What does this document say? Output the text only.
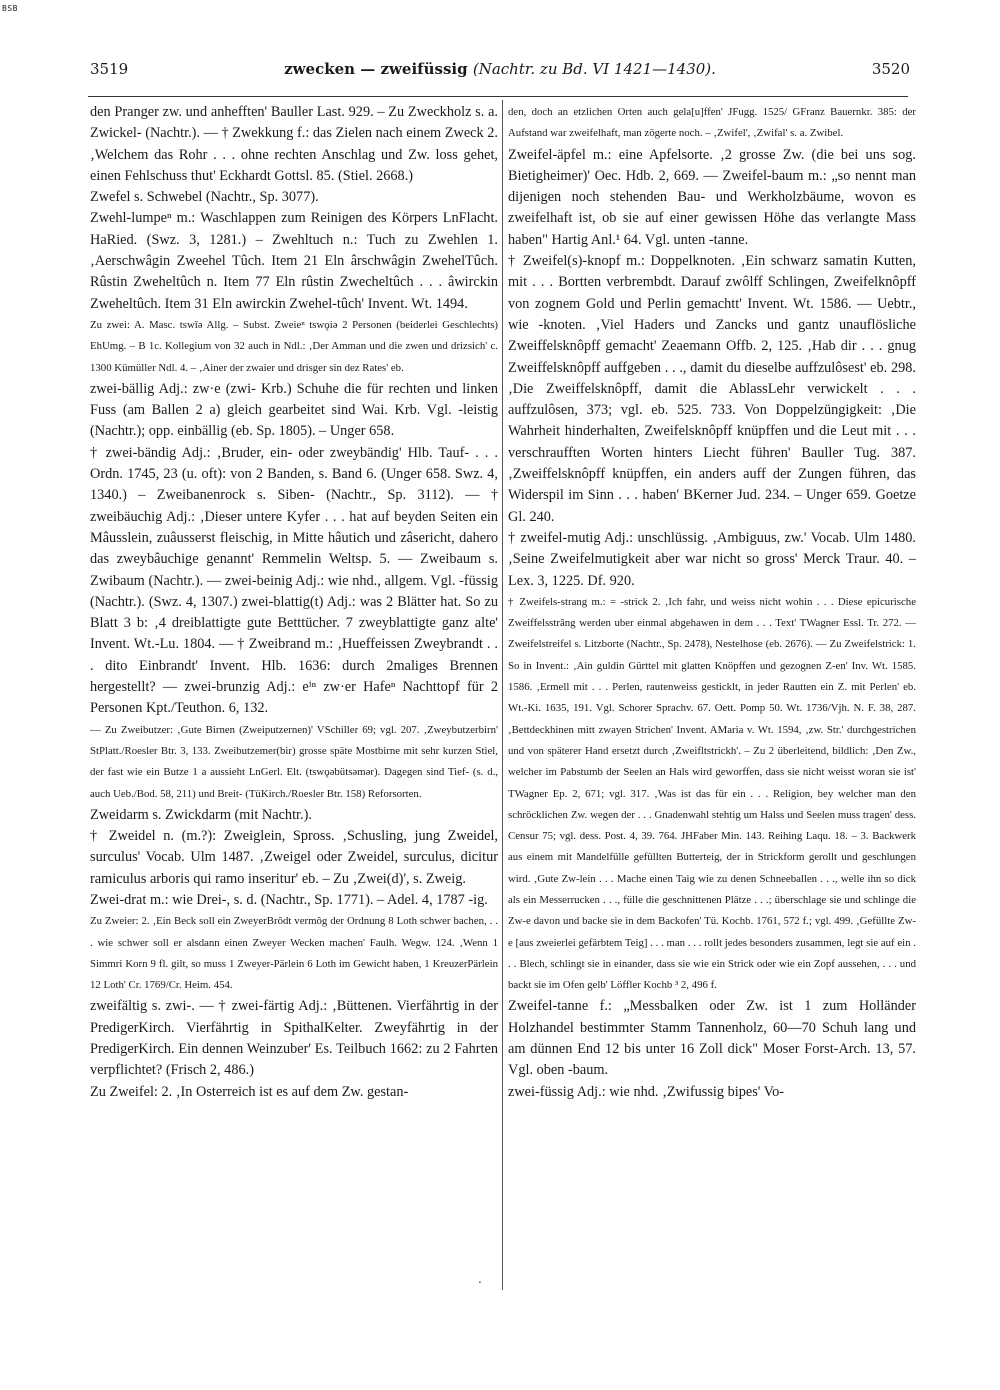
BSB
3519	zwecken — zweifüssig (Nachtr. zu Bd. VI 1421—1430).	3520

den Pranger zw. und anhefften' Bauller Last. 929. – Zu Zweckholz s. a. Zwickel- (Nachtr.). — † Zwekkung f.: das Zielen nach einem Zweck 2. ‚Welchem das Rohr . . . ohne rechten Anschlag und Zw. loss gehet, einen Fehlschuss thut' Eckhardt Gottsl. 85. (Stiel. 2668.)

Zwefel s. Schwebel (Nachtr., Sp. 3077).

Zwehl-lumpeⁿ m.: Waschlappen zum Reinigen des Körpers LnFlacht. HaRied. (Swz. 3, 1281.) – Zwehltuch n.: Tuch zu Zwehlen 1. ‚Aerschwâgin Zweehel Tûch. Item 21 Eln ârschwâgin ZwehelTûch. Rûstin Zweheltûch n. Item 77 Eln rûstin Zwecheltûch . . . âwirckin Zweheltûch. Item 31 Eln awirckin Zwehel-tûch' Invent. Wt. 1494.

Zu zwei: A. Masc. tswīə Allg. – Subst. Zweieⁿ tswǫiə 2 Personen (beiderlei Geschlechts) EhUmg. – B 1c. Kollegium von 32 auch in Ndl.: ‚Der Amman und die zwen und drizsich' c. 1300 Kümüller Ndl. 4. – ‚Ainer der zwaier und drisger sin dez Rates' eb.

zwei-bällig Adj.: zw·e (zwi- Krb.) Schuhe die für rechten und linken Fuss (am Ballen 2 a) gleich gearbeitet sind Wai. Krb. Vgl. -leistig (Nachtr.); opp. einbällig (eb. Sp. 1805). – Unger 658.

† zwei-bändig Adj.: ‚Bruder, ein- oder zweybändig' Hlb. Tauf- . . . Ordn. 1745, 23 (u. oft): von 2 Banden, s. Band 6. (Unger 658. Swz. 4, 1340.) – Zweibanenrock s. Siben- (Nachtr., Sp. 3112). — † zweibäuchig Adj.: ‚Dieser untere Kyfer . . . hat auf beyden Seiten ein Mâusslein, zuâusserst fleischig, in Mitte hâutich und zâsericht, dahero das zweybâuchige genannt' Remmelin Weltsp. 5. — Zweibaum s. Zwibaum (Nachtr.). — zwei-beinig Adj.: wie nhd., allgem. Vgl. -füssig (Nachtr.). (Swz. 4, 1307.) zwei-blattig(t) Adj.: was 2 Blätter hat. So zu Blatt 3 b: ‚4 dreiblattigte gute Betttücher. 7 zweyblattigte ganz alte' Invent. Wt.-Lu. 1804. — † Zweibrand m.: ‚Hueffeissen Zweybrandt . . . dito Einbrandt' Invent. Hlb. 1636: durch 2maliges Brennen hergestellt? — zwei-brunzig Adj.: eⁱⁿ zw·er Hafeⁿ Nachttopf für 2 Personen Kpt./Teuthon. 6, 132.

— Zu Zweibutzer: ‚Gute Birnen (Zweiputzernen)' VSchiller 69; vgl. 207. ‚Zweybutzerbirn' StPlatt./Roesler Btr. 3, 133. Zweibutzemer(bir) grosse späte Mostbirne mit sehr kurzen Stiel, der fast wie ein Butze 1 a aussieht LnGerl. Elt. (tswǫəbütsəmər). Dagegen sind Tief- (s. d., auch Ueb./Bod. 58, 211) und Breit- (TüKirch./Roesler Btr. 158) Reforsorten.

Zweidarm s. Zwickdarm (mit Nachtr.).

† Zweidel n. (m.?): Zweiglein, Spross. ‚Schusling, jung Zweidel, surculus' Vocab. Ulm 1487. ‚Zweigel oder Zweidel, surculus, dicitur ramiculus arboris qui ramo inseritur' eb. – Zu ‚Zwei(d)', s. Zweig.

Zwei-drat m.: wie Drei-, s. d. (Nachtr., Sp. 1771). – Adel. 4, 1787 -ig.

Zu Zweier: 2. ‚Ein Beck soll ein ZweyerBrôdt vermôg der Ordnung 8 Loth schwer bachen, . . . wie schwer soll er alsdann einen Zweyer Wecken machen' Faulh. Wegw. 124. ‚Wenn 1 Simmri Korn 9 fl. gilt, so muss 1 Zweyer-Pärlein 6 Loth im Gewicht haben, 1 KreuzerPärlein 12 Loth' Cr. 1769/Cr. Heim. 454.

zweifältig s. zwi-. — † zwei-färtig Adj.: ‚Büttenen. Vierfährtig in der PredigerKirch. Vierfährtig in SpithalKelter. Zweyfährtig in der PredigerKirch. Ein dennen Weinzuber' Es. Teilbuch 1662: zu 2 Fahrten verpflichtet? (Frisch 2, 486.)

Zu Zweifel: 2. ‚In Osterreich ist es auf dem Zw. gestan-

den, doch an etzlichen Orten auch gela[u]ffen' JFugg. 1525/ GFranz Bauernkr. 385: der Aufstand war zweifelhaft, man zögerte noch. – ‚Zwifel', ‚Zwifal' s. a. Zwibel.

Zweifel-äpfel m.: eine Apfelsorte. ‚2 grosse Zw. (die bei uns sog. Bietigheimer)' Oec. Hdb. 2, 669. — Zweifel-baum m.: „so nennt man dijenigen noch stehenden Bau- und Werkholzbäume, wovon es zweifelhaft ist, ob sie auf einer gewissen Höhe das verlangte Mass haben" Hartig Anl.¹ 64. Vgl. unten -tanne.

† Zweifel(s)-knopf m.: Doppelknoten. ‚Ein schwarz samatin Kutten, mit . . . Bortten verbrembdt. Darauf zwôlff Schlingen, Zweifelknôpff von zognem Gold und Perlin gemachtt' Invent. Wt. 1586. — Uebtr., wie -knoten. ‚Viel Haders und Zancks und gantz unauflösliche Zweiffelsknôpff gemacht' Zeaemann Offb. 2, 125. ‚Hab dir . . . gnug Zweiffelsknôpff auffgeben . . ., damit du dieselbe auffzulôsest' eb. 298. ‚Die Zweiffelsknôpff, damit die AblassLehr verwickelt . . . auffzulôsen, 373; vgl. eb. 525. 733. Von Doppelzüngigkeit: ‚Die Wahrheit hinderhalten, Zweifelsknôpff knüpffen und die Leut mit . . . verschraufften Worten hinters Liecht führen' Bauller Tug. 387. ‚Zweiffelsknôpff knüpffen, ein anders auff der Zungen führen, das Widerspil im Sinn . . . haben' BKerner Jud. 234. – Unger 659. Goetze Gl. 240.

† zweifel-mutig Adj.: unschlüssig. ‚Ambiguus, zw.' Vocab. Ulm 1480. ‚Seine Zweifelmutigkeit aber war nicht so gross' Merck Traur. 40. – Lex. 3, 1225. Df. 920.

† Zweifels-strang m.: = -strick 2. ‚Ich fahr, und weiss nicht wohin . . . Diese epicurische Zweiffelsstrâng werden uber einmal abgehawen in dem . . . Text' TWagner Essl. Tr. 272. — Zweifelstreifel s. Litzborte (Nachtr., Sp. 2478), Nestelhose (eb. 2676). — Zu Zweifelstrick: 1. So in Invent.: ‚Ain guldin Gürttel mit glatten Knöpffen und gezognen Z-en' Inv. Wt. 1585. 1586. ‚Ermell mit . . . Perlen, rautenweiss gesticklt, in jeder Rautten ein Z. mit Perlen' eb. Wt.-Ki. 1635, 191. Vgl. Schorer Sprachv. 67. Oett. Pomp 50. Wt. 1736/Vjh. N. F. 38, 287. ‚Bettdeckhinen mitt zwayen Strichen' Invent. AMaria v. Wt. 1594, ‚zw. Str.' durchgestrichen und von späterer Hand ersetzt durch ‚Zweifltstrickh'. – Zu 2 überleitend, bildlich: ‚Den Zw., welcher im Pabstumb der Seelen an Hals wird geworffen, dass sie nicht weisst woran sie ist' TWagner Ep. 2, 671; vgl. 317. ‚Was ist das für ein . . . Religion, bey welcher man den schröcklichen Zw. wegen der . . . Gnadenwahl stehtig um Halss und Seelen muss tragen' dess. Censur 75; vgl. dess. Post. 4, 39. 764. JHFaber Min. 143. Reihing Laqu. 18. – 3. Backwerk aus einem mit Mandelfülle gefüllten Butterteig, der in Strickform gerollt und geschlungen wird. ‚Gute Zw-lein . . . Mache einen Taig wie zu denen Schneeballen . . ., welle ihn so dick als ein Messerrucken . . ., fülle die geschnittenen Plätze . . .; überschlage sie und schlinge die Zw-e davon und backe sie in dem Backofen' Tü. Kochb. 1761, 572 f.; vgl. 499. ‚Gefüllte Zw-e [aus zweierlei gefärbtem Teig] . . . man . . . rollt jedes besonders zusammen, legt sie auf ein . . . Blech, schlingt sie in einander, dass sie wie ein Strick oder wie ein Zopf aussehen, . . . und backt sie im Ofen gelb' Löffler Kochb ³ 2, 496 f.

Zweifel-tanne f.: „Messbalken oder Zw. ist 1 zum Holländer Holzhandel bestimmter Stamm Tannenholz, 60—70 Schuh lang und am dünnen End 12 bis unter 16 Zoll dick" Moser Forst-Arch. 13, 57. Vgl. oben -baum.

zwei-füssig Adj.: wie nhd. ‚Zwifussig bipes' Vo-

.
